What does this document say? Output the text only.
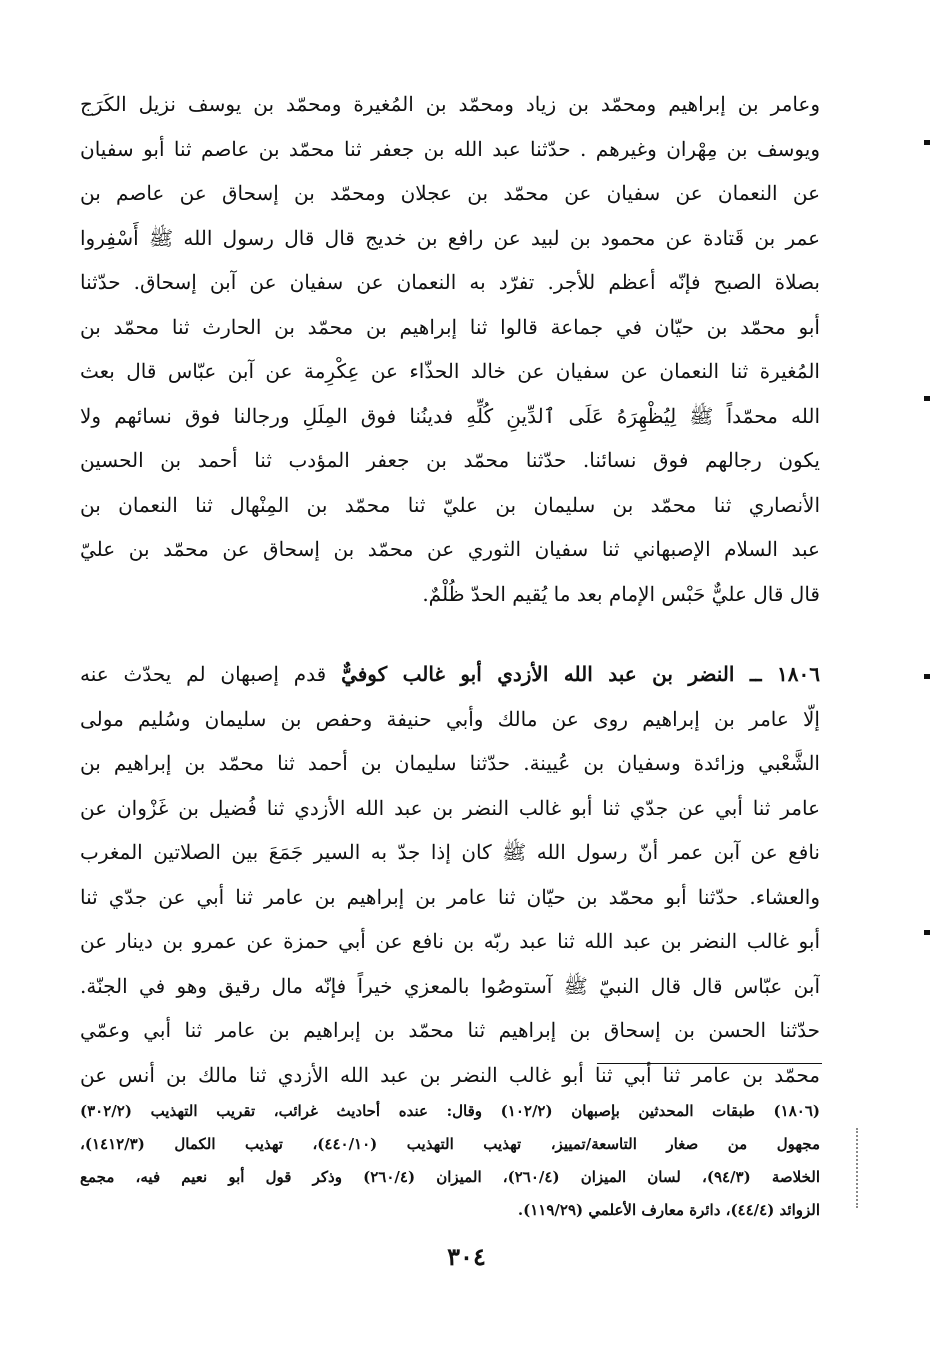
وعامر بن إبراهيم ومحمّد بن زياد ومحمّد بن المُغيرة ومحمّد بن يوسف نزيل الكَرَج
ويوسف بن مِهْران وغيرهم . حدّثنا عبد الله بن جعفر ثنا محمّد بن عاصم ثنا أبو سفيان
عن النعمان عن سفيان عن محمّد بن عجلان ومحمّد بن إسحاق عن عاصم بن
عمر بن قَتادة عن محمود بن لبيد عن رافع بن خديج قال قال رسول الله ﷺ أَسْفِروا
بصلاة الصبح فإنّه أعظم للأجر. تفرّد به النعمان عن سفيان عن آبن إسحاق. حدّثنا
أبو محمّد بن حيّان في جماعة قالوا ثنا إبراهيم بن محمّد بن الحارث ثنا محمّد بن
المُغيرة ثنا النعمان عن سفيان عن خالد الحذّاء عن عِكْرِمة عن آبن عبّاس قال بعث
الله محمّداً ﷺ لِيُظْهِرَهُ عَلَى ٱلدِّينِ كُلِّهِ فدينُنا فوق المِلَلِ ورجالنا فوق نسائهم ولا
يكون رجالهم فوق نسائنا. حدّثنا محمّد بن جعفر المؤدب ثنا أحمد بن الحسين
الأنصاري ثنا محمّد بن سليمان بن عليّ ثنا محمّد بن المِنْهال ثنا النعمان بن
عبد السلام الإصبهاني ثنا سفيان الثوري عن محمّد بن إسحاق عن محمّد بن عليّ
قال قال عليٌّ حَبْس الإمام بعد ما يُقيم الحدّ ظُلْمٌ.
١٨٠٦ ــ النضر بن عبد الله الأزدي أبو غالب كوفيٌّ قدم إصبهان لم يحدّث عنه
إلّا عامر بن إبراهيم روى عن مالك وأبي حنيفة وحفص بن سليمان وسُليم مولى
الشَّعْبي وزائدة وسفيان بن عُيينة. حدّثنا سليمان بن أحمد ثنا محمّد بن إبراهيم بن
عامر ثنا أبي عن جدّي ثنا أبو غالب النضر بن عبد الله الأزدي ثنا فُضيل بن غَزْوان عن
نافع عن آبن عمر أنّ رسول الله ﷺ كان إذا جدّ به السير جَمَعَ بين الصلاتين المغرب
والعشاء. حدّثنا أبو محمّد بن حيّان ثنا عامر بن إبراهيم بن عامر ثنا أبي عن جدّي ثنا
أبو غالب النضر بن عبد الله ثنا عبد ربّه بن نافع عن أبي حمزة عن عمرو بن دينار عن
آبن عبّاس قال قال النبيّ ﷺ آستوصُوا بالمعزي خيراً فإنّه مال رقيق وهو في الجنّة.
حدّثنا الحسن بن إسحاق بن إبراهيم ثنا محمّد بن إبراهيم بن عامر ثنا أبي وعمّي
محمّد بن عامر ثنا أبي ثنا أبو غالب النضر بن عبد الله الأزدي ثنا مالك بن أنس عن
(١٨٠٦) طبقات المحدثين بإصبهان (١٠٢/٢) وقال: عنده أحاديث غرائب، تقريب التهذيب (٣٠٢/٢)
مجهول من صغار التاسعة/تمييز، تهذيب التهذيب (٤٤٠/١٠)، تهذيب الكمال (١٤١٢/٣)،
الخلاصة (٩٤/٣)، لسان الميزان (٢٦٠/٤)، الميزان (٢٦٠/٤) وذكر قول أبو نعيم فيه، مجمع
الزوائد (٤٤/٤)، دائرة معارف الأعلمي (١١٩/٢٩).
٣٠٤
